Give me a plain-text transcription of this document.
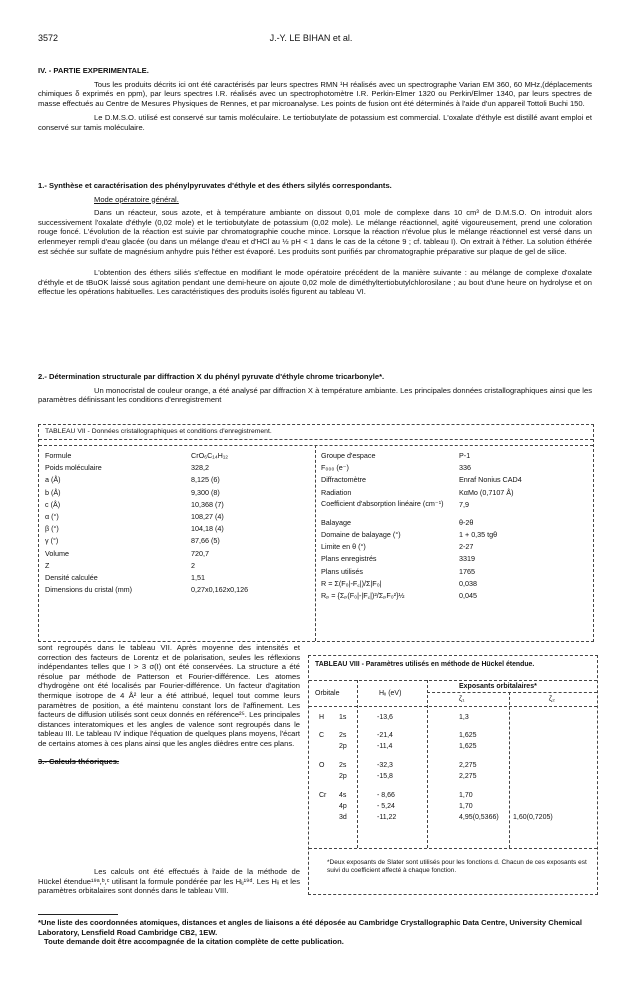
3572	J.-Y. LE BIHAN et al.
IV. - PARTIE EXPERIMENTALE.
Tous les produits décrits ici ont été caractérisés par leurs spectres RMN ¹H réalisés avec un spectrographe Varian EM 360, 60 MHz,(déplacements chimiques δ exprimés en ppm), par leurs spectres I.R. réalisés avec un spectrophotomètre I.R. Perkin-Elmer 1320 ou Perkin/Elmer 1340, par leurs spectres de masse effectués au Centre de Mesures Physiques de Rennes, et par microanalyse. Les points de fusion ont été déterminés à l'aide d'un appareil Tottoli Buchi 150.
Le D.M.S.O. utilisé est conservé sur tamis moléculaire. Le tertiobutylate de potassium est commercial. L'oxalate d'éthyle est distillé avant emploi et conservé sur tamis moléculaire.
1.- Synthèse et caractérisation des phénylpyruvates d'éthyle et des éthers silylés correspondants.
Mode opératoire général.
Dans un réacteur, sous azote, et à température ambiante on dissout 0,01 mole de complexe dans 10 cm³ de D.M.S.O. On introduit alors successivement l'oxalate d'éthyle (0,02 mole) et le tertiobutylate de potassium (0,02 mole). Le mélange réactionnel, agité vigoureusement, prend une coloration rouge foncé. L'évolution de la réaction est suivie par chromatographie couche mince. Lorsque la réaction n'évolue plus le mélange réactionnel est versé dans un erlenmeyer rempli d'eau glacée (ou dans un mélange d'eau et d'HCl au ½ pH < 1 dans le cas de la cétone 9 ; cf. tableau I). On extrait à l'éther. La solution éthérée est séchée sur sulfate de magnésium anhydre puis l'éther est évaporé. Les produits sont purifiés par chromatographie préparative sur plaque de gel de silice.
L'obtention des éthers siliés s'effectue en modifiant le mode opératoire précédent de la manière suivante : au mélange de complexe d'oxalate d'éthyle et de tBuOK laissé sous agitation pendant une demi-heure on ajoute 0,02 mole de diméthyltertiobutylchlorosilane ; au bout d'une heure on hydrolyse et on effectue les opérations habituelles. Les caractéristiques des produits isolés figurent au tableau VI.
2.- Détermination structurale par diffraction X du phényl pyruvate d'éthyle chrome tricarbonyle*.
Un monocristal de couleur orange, a été analysé par diffraction X à température ambiante. Les principales données cristallographiques ainsi que les paramètres définissant les conditions d'enregistrement
TABLEAU VII - Données cristallographiques et conditions d'enregistrement.
Formule	CrO₆C₁₄H₁₂
Poids moléculaire	328,2
a (Å)	8,125 (6)
b (Å)	9,300 (8)
c (Å)	10,368 (7)
α (°)	108,27 (4)
β (°)	104,18 (4)
γ (°)	87,66 (5)
Volume	720,7
Z	2
Densité calculée	1,51
Dimensions du cristal (mm)	0,27x0,162x0,126
Groupe d'espace	P-1
F₀₀₀ (e⁻)	336
Diffractomètre	Enraf Nonius CAD4
Radiation	KαMo (0,7107 Å)
Coefficient d'absorption linéaire (cm⁻¹)	7,9
Balayage	θ-2θ
Domaine de balayage (°)	1 + 0,35 tgθ
Limite en θ (°)	2-27
Plans enregistrés	3319
Plans utilisés	1765
R = Σ(F₀|-F꜀|)/Σ|F₀|	0,038
Rₚ = {Σₚ(F₀|-|F꜀|)²/ΣₚF₀²}½	0,045
sont regroupés dans le tableau VII. Après moyenne des intensités et correction des facteurs de Lorentz et de polarisation, seules les réflexions indépendantes telles que I > 3 σ(I) ont été conservées. La structure a été résolue par méthode de Patterson et Fourier-différence. Les atomes d'hydrogène ont été localisés par Fourier-différence. Un facteur d'agitation thermique isotrope de 4 Å² leur a été attribué, lequel tout comme leurs paramètres de position, a été maintenu constant lors de l'affinement. Les facteurs de diffusion utilisés sont ceux donnés en référence²⁵. Les principales distances interatomiques et les angles de valence sont regroupés dans le tableau III. Le tableau IV indique l'équation de quelques plans moyens, l'écart de certains atomes à ces plans ainsi que les angles dièdres entre ces plans.
3.- Calculs théoriques.
Les calculs ont été effectués à l'aide de la méthode de Hückel étendue¹⁹ᵃ,ᵇ,ᶜ utilisant la formule pondérée par les Hᵢⱼ¹⁹ᵈ. Les Hᵢᵢ et les paramètres orbitalaires sont donnés dans le tableau VIII.
TABLEAU VIII - Paramètres utilisés en méthode de Hückel étendue.
Orbitale	Hᵢᵢ (eV)
Exposants orbitalaires*
ζ₁	ζ₂
H 1s	-13,6	1,3
C 2s	-21,4	1,625
2p	-11,4	1,625
O 2s	-32,3	2,275
2p	-15,8	2,275
Cr 4s	- 8,66	1,70
4p	- 5,24	1,70
3d	-11,22	4,95(0,5366) 1,60(0,7205)
*Deux exposants de Slater sont utilisés pour les fonctions d. Chacun de ces exposants est suivi du coefficient affecté à chaque fonction.
*Une liste des coordonnées atomiques, distances et angles de liaisons a été déposée au Cambridge Crystallographic Data Centre, University Chemical Laboratory, Lensfield Road Cambridge CB2, 1EW.
Toute demande doit être accompagnée de la citation complète de cette publication.
